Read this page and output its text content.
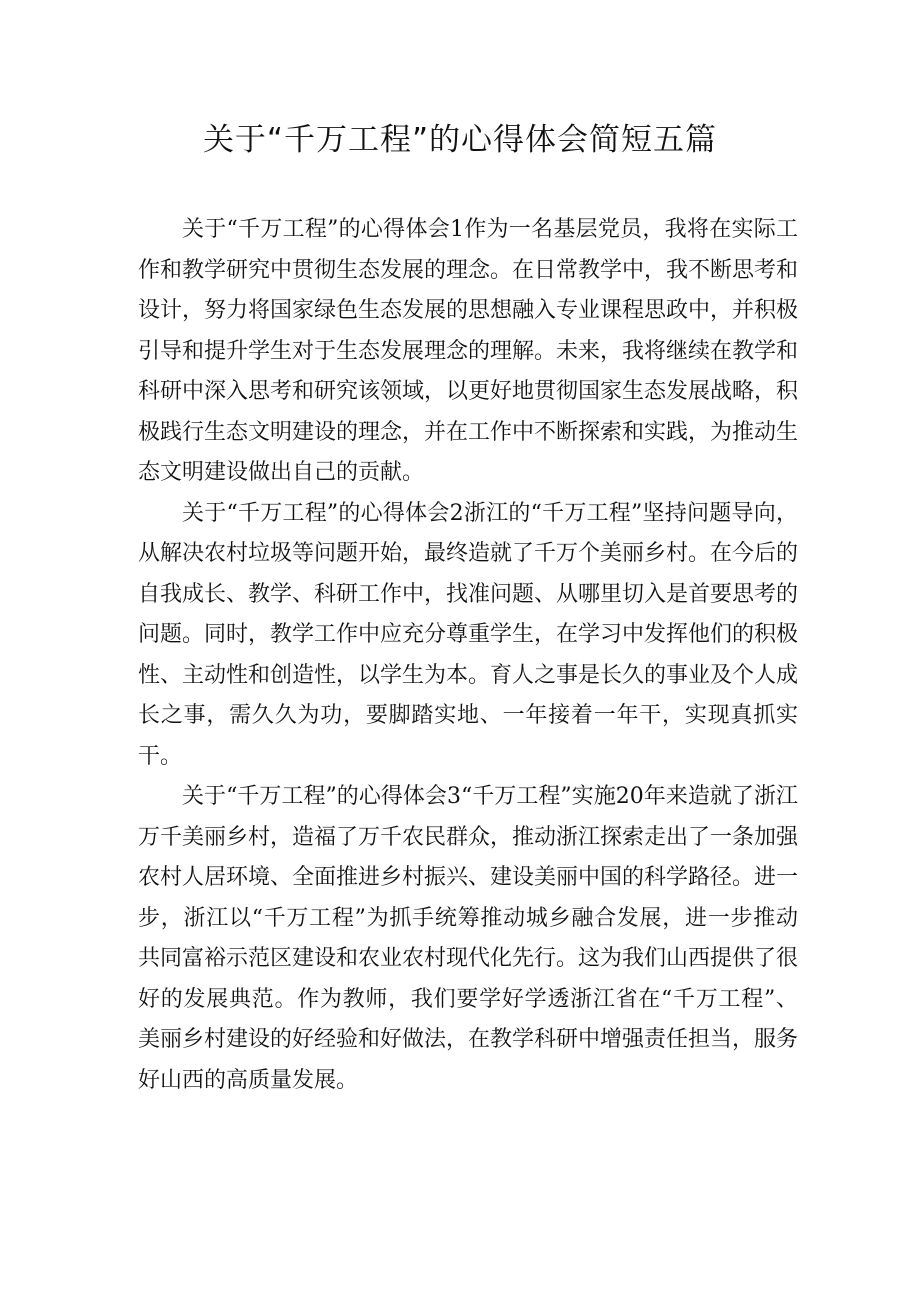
关于“千万工程”的心得体会简短五篇

关于“千万工程”的心得体会1作为一名基层党员，我将在实际工作和教学研究中贯彻生态发展的理念。在日常教学中，我不断思考和设计，努力将国家绿色生态发展的思想融入专业课程思政中，并积极引导和提升学生对于生态发展理念的理解。未来，我将继续在教学和科研中深入思考和研究该领域，以更好地贯彻国家生态发展战略，积极践行生态文明建设的理念，并在工作中不断探索和实践，为推动生态文明建设做出自己的贡献。

关于“千万工程”的心得体会2浙江的“千万工程”坚持问题导向，从解决农村垃圾等问题开始，最终造就了千万个美丽乡村。在今后的自我成长、教学、科研工作中，找准问题、从哪里切入是首要思考的问题。同时，教学工作中应充分尊重学生，在学习中发挥他们的积极性、主动性和创造性，以学生为本。育人之事是长久的事业及个人成长之事，需久久为功，要脚踏实地、一年接着一年干，实现真抓实干。

关于“千万工程”的心得体会3“千万工程”实施20年来造就了浙江万千美丽乡村，造福了万千农民群众，推动浙江探索走出了一条加强农村人居环境、全面推进乡村振兴、建设美丽中国的科学路径。进一步，浙江以“千万工程”为抓手统筹推动城乡融合发展，进一步推动共同富裕示范区建设和农业农村现代化先行。这为我们山西提供了很好的发展典范。作为教师，我们要学好学透浙江省在“千万工程”、美丽乡村建设的好经验和好做法，在教学科研中增强责任担当，服务好山西的高质量发展。
